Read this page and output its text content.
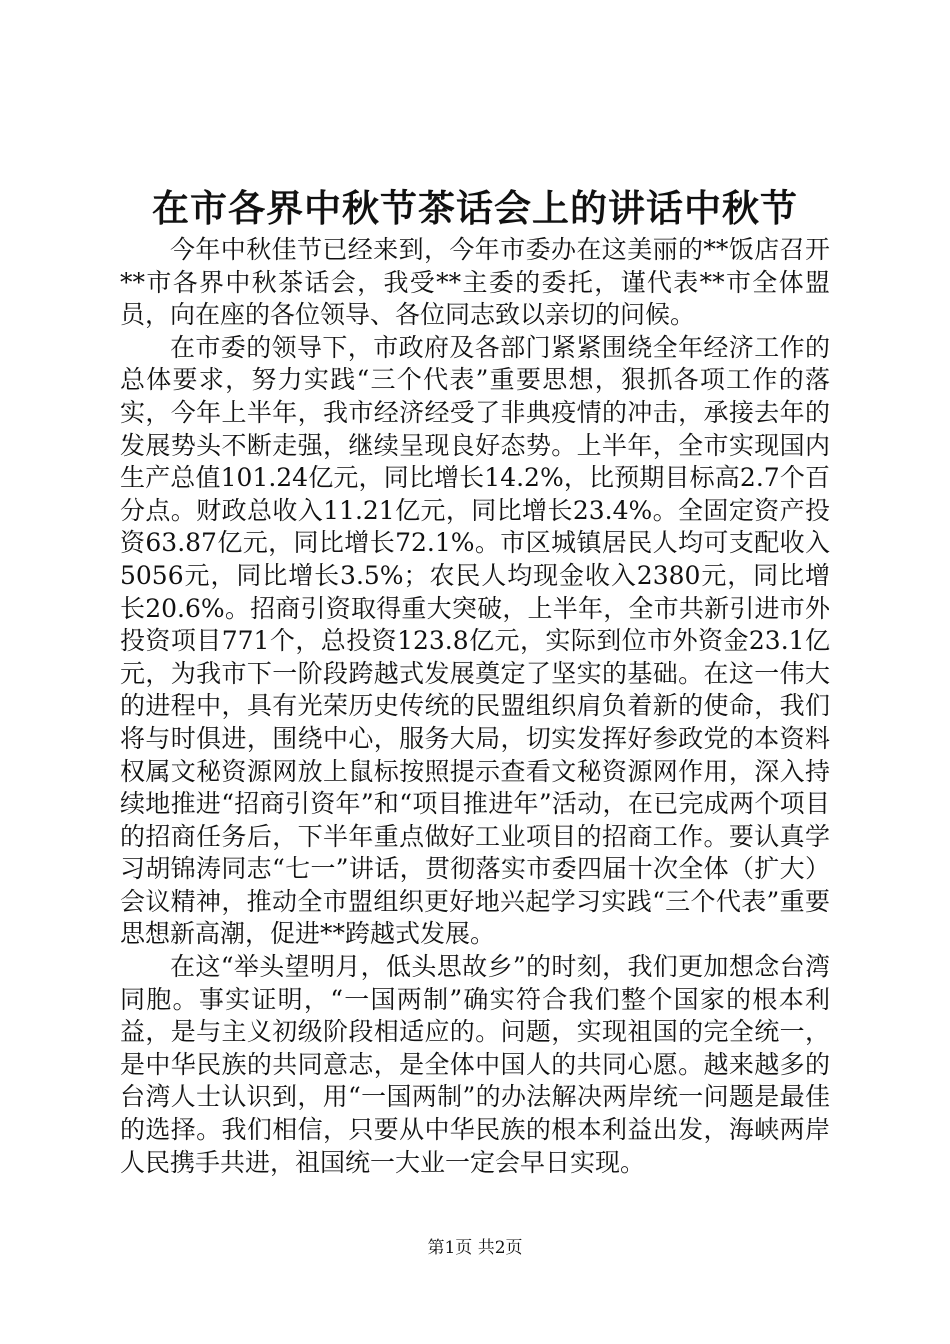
在市各界中秋节茶话会上的讲话中秋节

今年中秋佳节已经来到，今年市委办在这美丽的**饭店召开**市各界中秋茶话会，我受**主委的委托，谨代表**市全体盟员，向在座的各位领导、各位同志致以亲切的问候。

在市委的领导下，市政府及各部门紧紧围绕全年经济工作的总体要求，努力实践“三个代表”重要思想，狠抓各项工作的落实，今年上半年，我市经济经受了非典疫情的冲击，承接去年的发展势头不断走强，继续呈现良好态势。上半年，全市实现国内生产总值101.24亿元，同比增长14.2%，比预期目标高2.7个百分点。财政总收入11.21亿元，同比增长23.4%。全固定资产投资63.87亿元，同比增长72.1%。市区城镇居民人均可支配收入5056元，同比增长3.5%；农民人均现金收入2380元，同比增长20.6%。招商引资取得重大突破，上半年，全市共新引进市外投资项目771个，总投资123.8亿元，实际到位市外资金23.1亿元，为我市下一阶段跨越式发展奠定了坚实的基础。在这一伟大的进程中，具有光荣历史传统的民盟组织肩负着新的使命，我们将与时俱进，围绕中心，服务大局，切实发挥好参政党的本资料权属文秘资源网放上鼠标按照提示查看文秘资源网作用，深入持续地推进“招商引资年”和“项目推进年”活动，在已完成两个项目的招商任务后，下半年重点做好工业项目的招商工作。要认真学习胡锦涛同志“七一”讲话，贯彻落实市委四届十次全体（扩大）会议精神，推动全市盟组织更好地兴起学习实践“三个代表”重要思想新高潮，促进**跨越式发展。

在这“举头望明月，低头思故乡”的时刻，我们更加想念台湾同胞。事实证明，“一国两制”确实符合我们整个国家的根本利益，是与主义初级阶段相适应的。问题，实现祖国的完全统一，是中华民族的共同意志，是全体中国人的共同心愿。越来越多的台湾人士认识到，用“一国两制”的办法解决两岸统一问题是最佳的选择。我们相信，只要从中华民族的根本利益出发，海峡两岸人民携手共进，祖国统一大业一定会早日实现。

第1页 共2页
